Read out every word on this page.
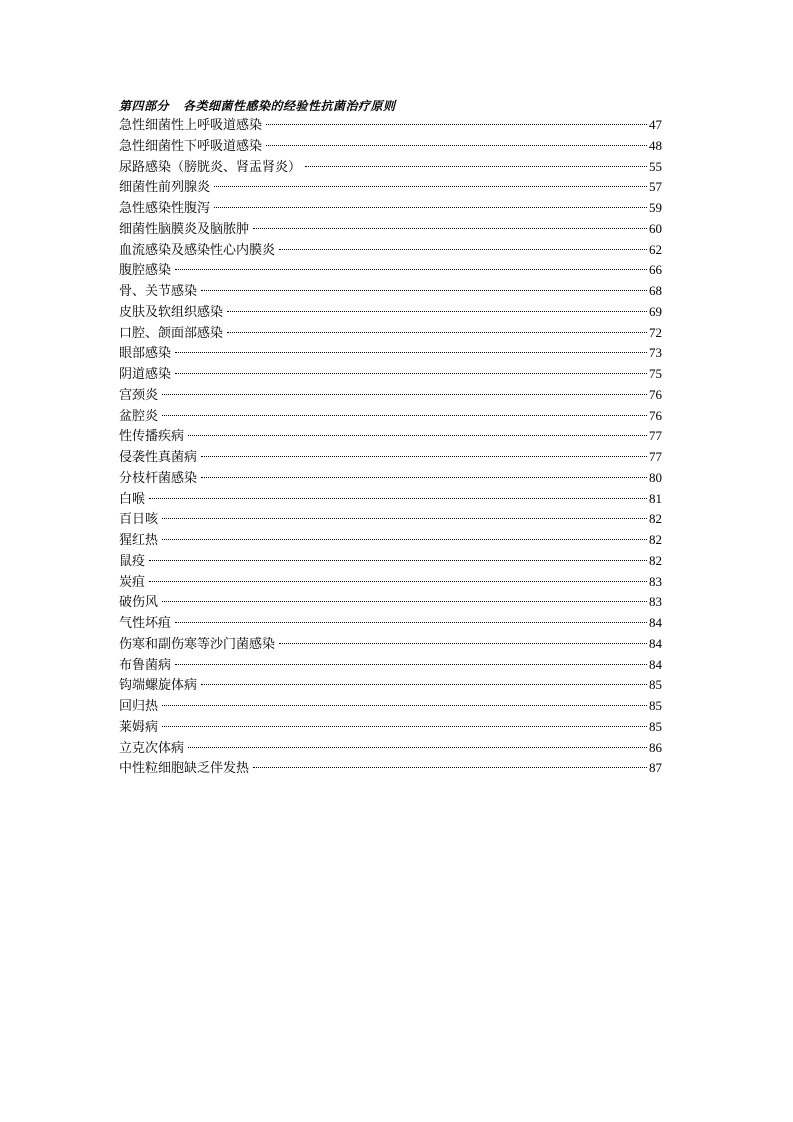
第四部分 各类细菌性感染的经验性抗菌治疗原则
急性细菌性上呼吸道感染	47
急性细菌性下呼吸道感染	48
尿路感染（膀胱炎、肾盂肾炎）	55
细菌性前列腺炎	57
急性感染性腹泻	59
细菌性脑膜炎及脑脓肿	60
血流感染及感染性心内膜炎	62
腹腔感染	66
骨、关节感染	68
皮肤及软组织感染	69
口腔、颌面部感染	72
眼部感染	73
阴道感染	75
宫颈炎	76
盆腔炎	76
性传播疾病	77
侵袭性真菌病	77
分枝杆菌感染	80
白喉	81
百日咳	82
猩红热	82
鼠疫	82
炭疽	83
破伤风	83
气性坏疽	84
伤寒和副伤寒等沙门菌感染	84
布鲁菌病	84
钩端螺旋体病	85
回归热	85
莱姆病	85
立克次体病	86
中性粒细胞缺乏伴发热	87
